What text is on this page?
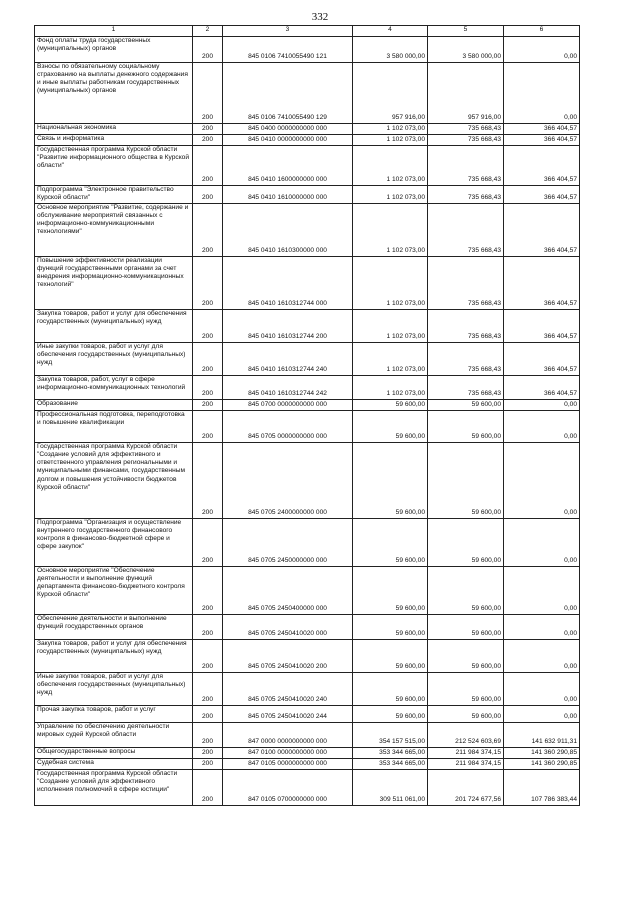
332
1	2	3	4	5	6
Фонд оплаты труда государственных (муниципальных) органов	200	845 0106 7410055490 121	3 580 000,00	3 580 000,00	0,00
Взносы по обязательному социальному страхованию на выплаты денежного содержания и иные выплаты работникам государственных (муниципальных) органов	200	845 0106 7410055490 129	957 916,00	957 916,00	0,00
Национальная экономика	200	845 0400 0000000000 000	1 102 073,00	735 668,43	366 404,57
Связь и информатика	200	845 0410 0000000000 000	1 102 073,00	735 668,43	366 404,57
Государственная программа Курской области "Развитие информационного общества в Курской области"	200	845 0410 1600000000 000	1 102 073,00	735 668,43	366 404,57
Подпрограмма "Электронное правительство Курской области"	200	845 0410 1610000000 000	1 102 073,00	735 668,43	366 404,57
Основное мероприятие "Развитие, содержание и обслуживание мероприятий связанных с информационно-коммуникационными технологиями"	200	845 0410 1610300000 000	1 102 073,00	735 668,43	366 404,57
Повышение эффективности реализации функций государственными органами за счет внедрения информационно-коммуникационных технологий"	200	845 0410 1610312744 000	1 102 073,00	735 668,43	366 404,57
Закупка товаров, работ и услуг для обеспечения государственных (муниципальных) нужд	200	845 0410 1610312744 200	1 102 073,00	735 668,43	366 404,57
Иные закупки товаров, работ и услуг для обеспечения государственных (муниципальных) нужд	200	845 0410 1610312744 240	1 102 073,00	735 668,43	366 404,57
Закупка товаров, работ, услуг в сфере информационно-коммуникационных технологий	200	845 0410 1610312744 242	1 102 073,00	735 668,43	366 404,57
Образование	200	845 0700 0000000000 000	59 600,00	59 600,00	0,00
Профессиональная подготовка, переподготовка и повышение квалификации	200	845 0705 0000000000 000	59 600,00	59 600,00	0,00
Государственная программа Курской области "Создание условий для эффективного и ответственного управления региональными и муниципальными финансами, государственным долгом и повышения устойчивости бюджетов Курской области"	200	845 0705 2400000000 000	59 600,00	59 600,00	0,00
Подпрограмма "Организация и осуществление внутреннего государственного финансового контроля в финансово-бюджетной сфере и сфере закупок"	200	845 0705 2450000000 000	59 600,00	59 600,00	0,00
Основное мероприятие "Обеспечение деятельности и выполнение функций департамента финансово-бюджетного контроля Курской области"	200	845 0705 2450400000 000	59 600,00	59 600,00	0,00
Обеспечение деятельности и выполнение функций государственных органов	200	845 0705 2450410020 000	59 600,00	59 600,00	0,00
Закупка товаров, работ и услуг для обеспечения государственных (муниципальных) нужд	200	845 0705 2450410020 200	59 600,00	59 600,00	0,00
Иные закупки товаров, работ и услуг для обеспечения государственных (муниципальных) нужд	200	845 0705 2450410020 240	59 600,00	59 600,00	0,00
Прочая закупка товаров, работ и услуг	200	845 0705 2450410020 244	59 600,00	59 600,00	0,00
Управление по обеспечению деятельности мировых судей Курской области	200	847 0000 0000000000 000	354 157 515,00	212 524 603,69	141 632 911,31
Общегосударственные вопросы	200	847 0100 0000000000 000	353 344 665,00	211 984 374,15	141 360 290,85
Судебная система	200	847 0105 0000000000 000	353 344 665,00	211 984 374,15	141 360 290,85
Государственная программа Курской области "Создание условий для эффективного исполнения полномочий в сфере юстиции"	200	847 0105 0700000000 000	309 511 061,00	201 724 677,56	107 786 383,44
